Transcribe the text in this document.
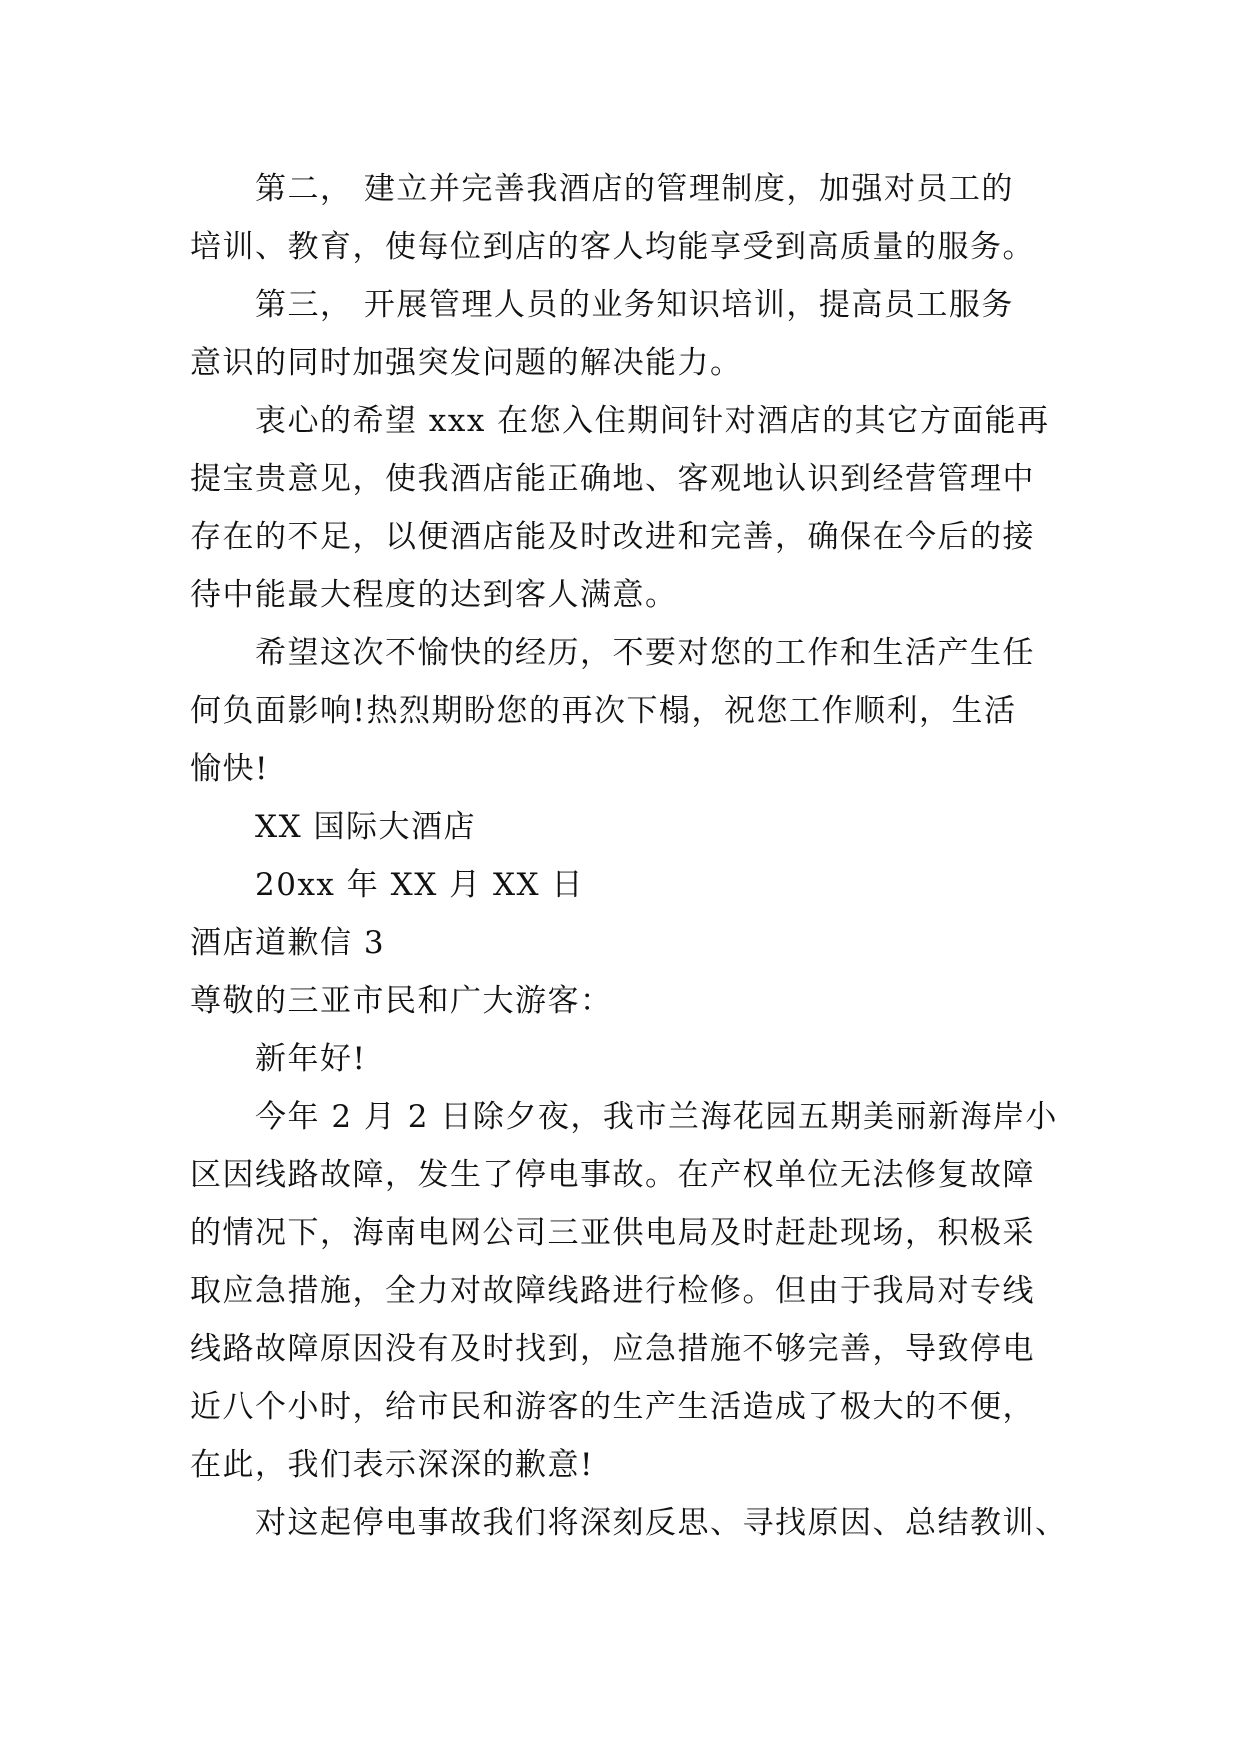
第二， 建立并完善我酒店的管理制度，加强对员工的
培训、教育，使每位到店的客人均能享受到高质量的服务。
第三， 开展管理人员的业务知识培训，提高员工服务
意识的同时加强突发问题的解决能力。
衷心的希望 xxx 在您入住期间针对酒店的其它方面能再
提宝贵意见，使我酒店能正确地、客观地认识到经营管理中
存在的不足，以便酒店能及时改进和完善，确保在今后的接
待中能最大程度的达到客人满意。
希望这次不愉快的经历，不要对您的工作和生活产生任
何负面影响!热烈期盼您的再次下榻，祝您工作顺利，生活
愉快!
XX 国际大酒店
20xx 年 XX 月 XX 日
酒店道歉信 3
尊敬的三亚市民和广大游客：
新年好!
今年 2 月 2 日除夕夜，我市兰海花园五期美丽新海岸小
区因线路故障，发生了停电事故。在产权单位无法修复故障
的情况下，海南电网公司三亚供电局及时赶赴现场，积极采
取应急措施，全力对故障线路进行检修。但由于我局对专线
线路故障原因没有及时找到，应急措施不够完善，导致停电
近八个小时，给市民和游客的生产生活造成了极大的不便，
在此，我们表示深深的歉意!
对这起停电事故我们将深刻反思、寻找原因、总结教训、
